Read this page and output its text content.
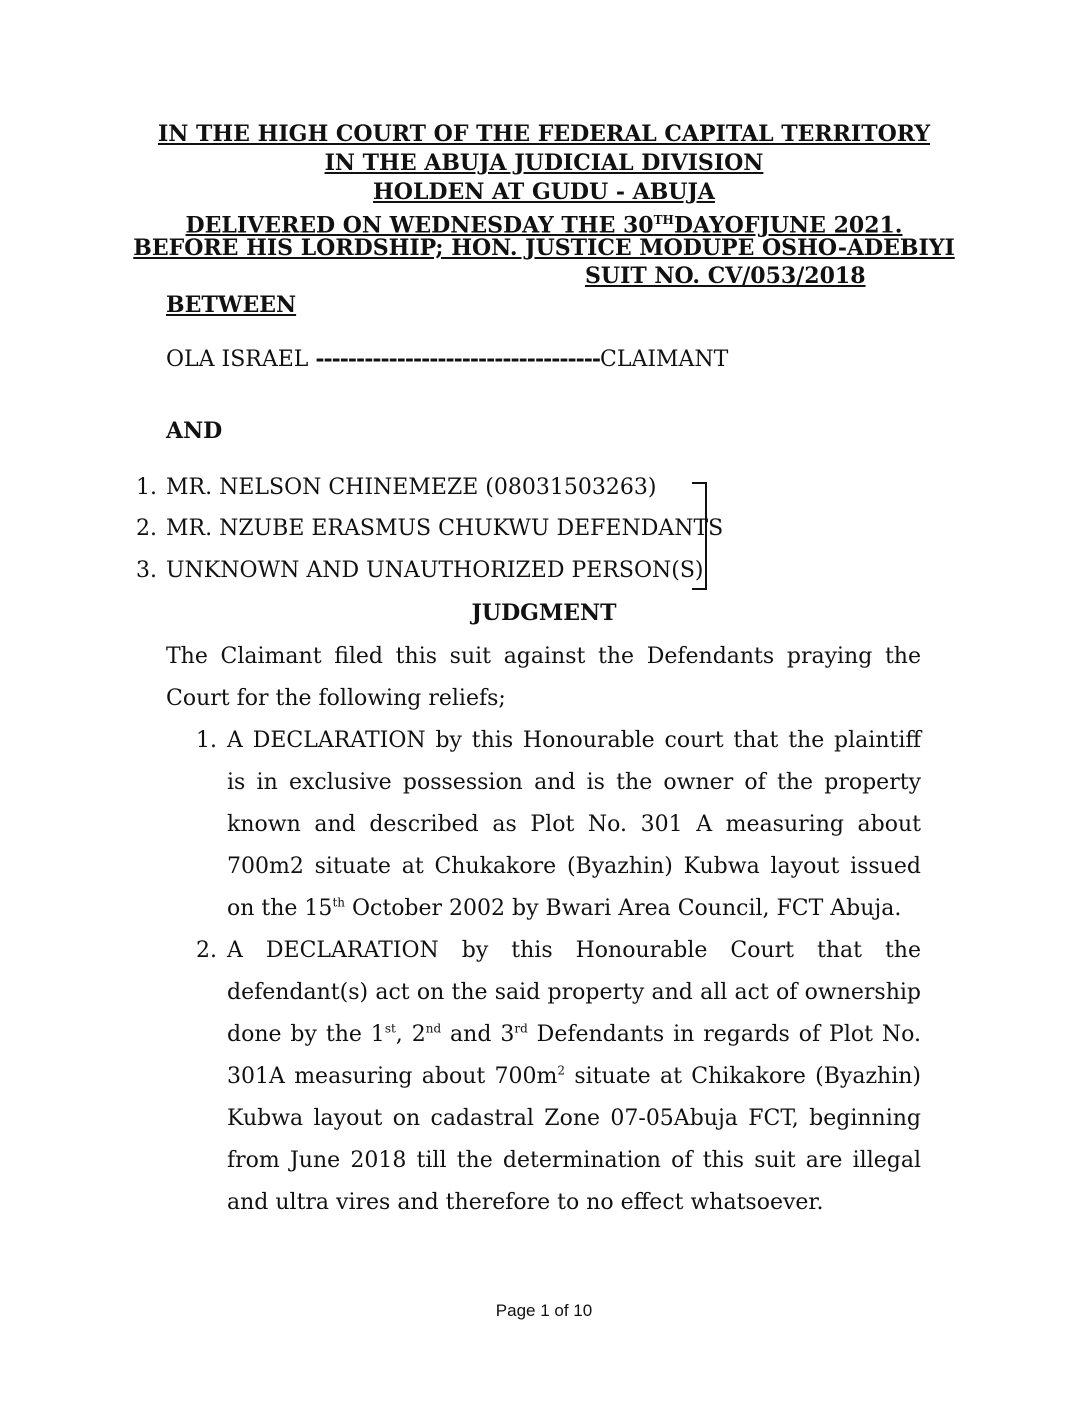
IN THE HIGH COURT OF THE FEDERAL CAPITAL TERRITORY
IN THE ABUJA JUDICIAL DIVISION
HOLDEN AT GUDU - ABUJA
DELIVERED ON WEDNESDAY THE 30THDAYOFJUNE 2021.
BEFORE HIS LORDSHIP; HON. JUSTICE MODUPE OSHO-ADEBIYI
SUIT NO. CV/053/2018
BETWEEN
OLA ISRAEL -----------------------------------CLAIMANT
AND
1. MR. NELSON CHINEMEZE (08031503263)
2. MR. NZUBE ERASMUS CHUKWU DEFENDANTS
3. UNKNOWN AND UNAUTHORIZED PERSON(S)
JUDGMENT
The Claimant filed this suit against the Defendants praying the Court for the following reliefs;
1. A DECLARATION by this Honourable court that the plaintiff is in exclusive possession and is the owner of the property known and described as Plot No. 301 A measuring about 700m2 situate at Chukakore (Byazhin) Kubwa layout issued on the 15th October 2002 by Bwari Area Council, FCT Abuja.
2. A DECLARATION by this Honourable Court that the defendant(s) act on the said property and all act of ownership done by the 1st, 2nd and 3rd Defendants in regards of Plot No. 301A measuring about $700m^2$ situate at Chikakore (Byazhin) Kubwa layout on cadastral Zone 07-05Abuja FCT, beginning from June 2018 till the determination of this suit are illegal and ultra vires and therefore to no effect whatsoever.
Page 1 of 10
